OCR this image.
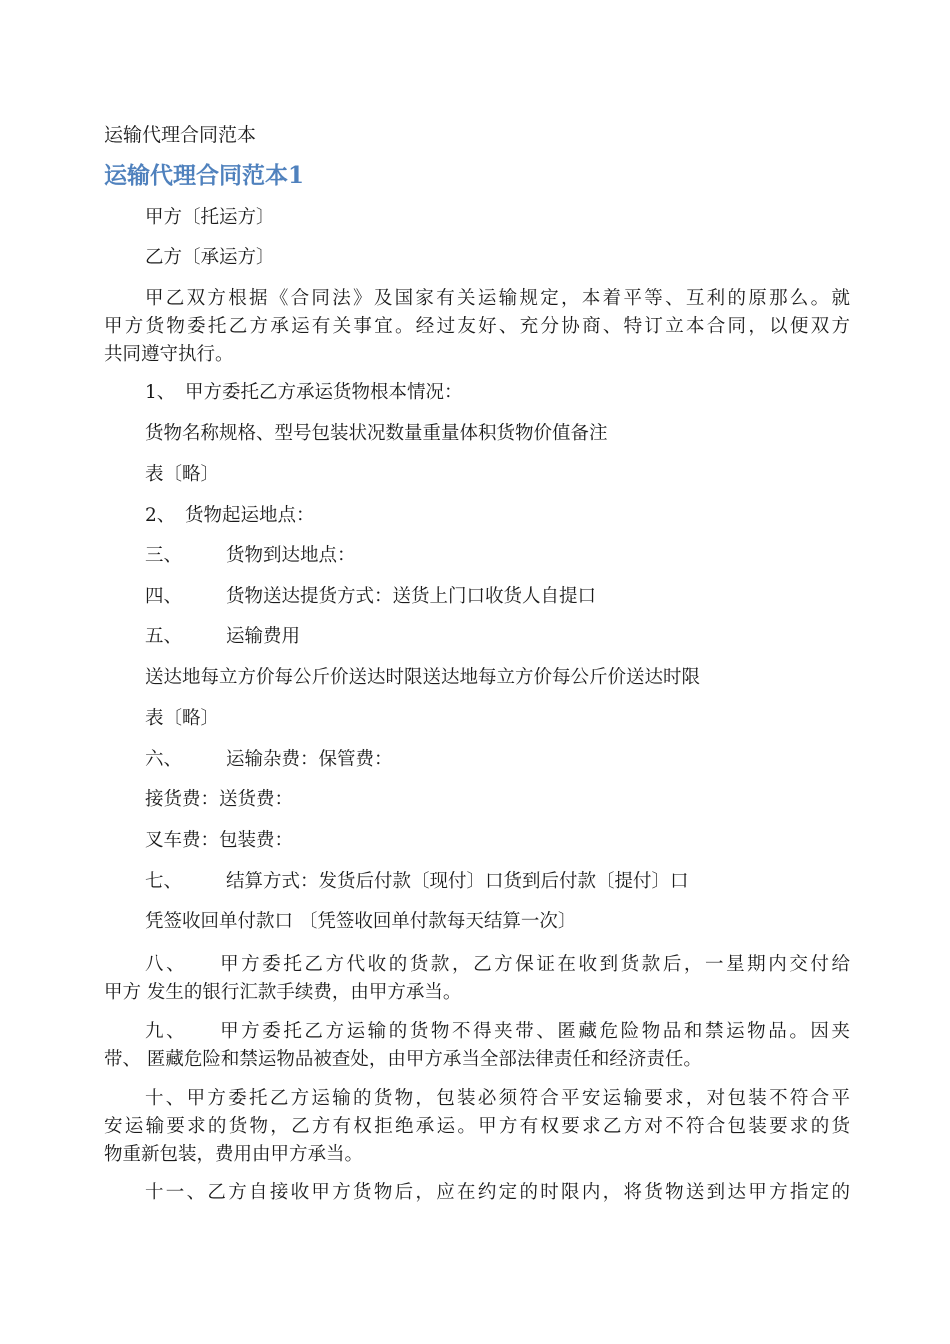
运输代理合同范本
运输代理合同范本1
甲方〔托运方〕
乙方〔承运方〕
甲乙双方根据《合同法》及国家有关运输规定，本着平等、互利的原那么。就
甲方货物委托乙方承运有关事宜。经过友好、充分协商、特订立本合同，以便双方
共同遵守执行。
1、 甲方委托乙方承运货物根本情况：
货物名称规格、型号包装状况数量重量体积货物价值备注
表〔略〕
2、 货物起运地点：
三、 货物到达地点：
四、 货物送达提货方式：送货上门口收货人自提口
五、 运输费用
送达地每立方价每公斤价送达时限送达地每立方价每公斤价送达时限
表〔略〕
六、 运输杂费：保管费：
接货费：送货费：
叉车费：包装费：
七、 结算方式：发货后付款〔现付〕口货到后付款〔提付〕口
凭签收回单付款口 〔凭签收回单付款每天结算一次〕
八、　　甲方委托乙方代收的货款，乙方保证在收到货款后，一星期内交付给
甲方 发生的银行汇款手续费，由甲方承当。
九、　　甲方委托乙方运输的货物不得夹带、匿藏危险物品和禁运物品。因夹
带、 匿藏危险和禁运物品被查处，由甲方承当全部法律责任和经济责任。
十、甲方委托乙方运输的货物，包装必须符合平安运输要求，对包装不符合平
安运输要求的货物，乙方有权拒绝承运。甲方有权要求乙方对不符合包装要求的货
物重新包装，费用由甲方承当。
十一、乙方自接收甲方货物后，应在约定的时限内，将货物送到达甲方指定的
